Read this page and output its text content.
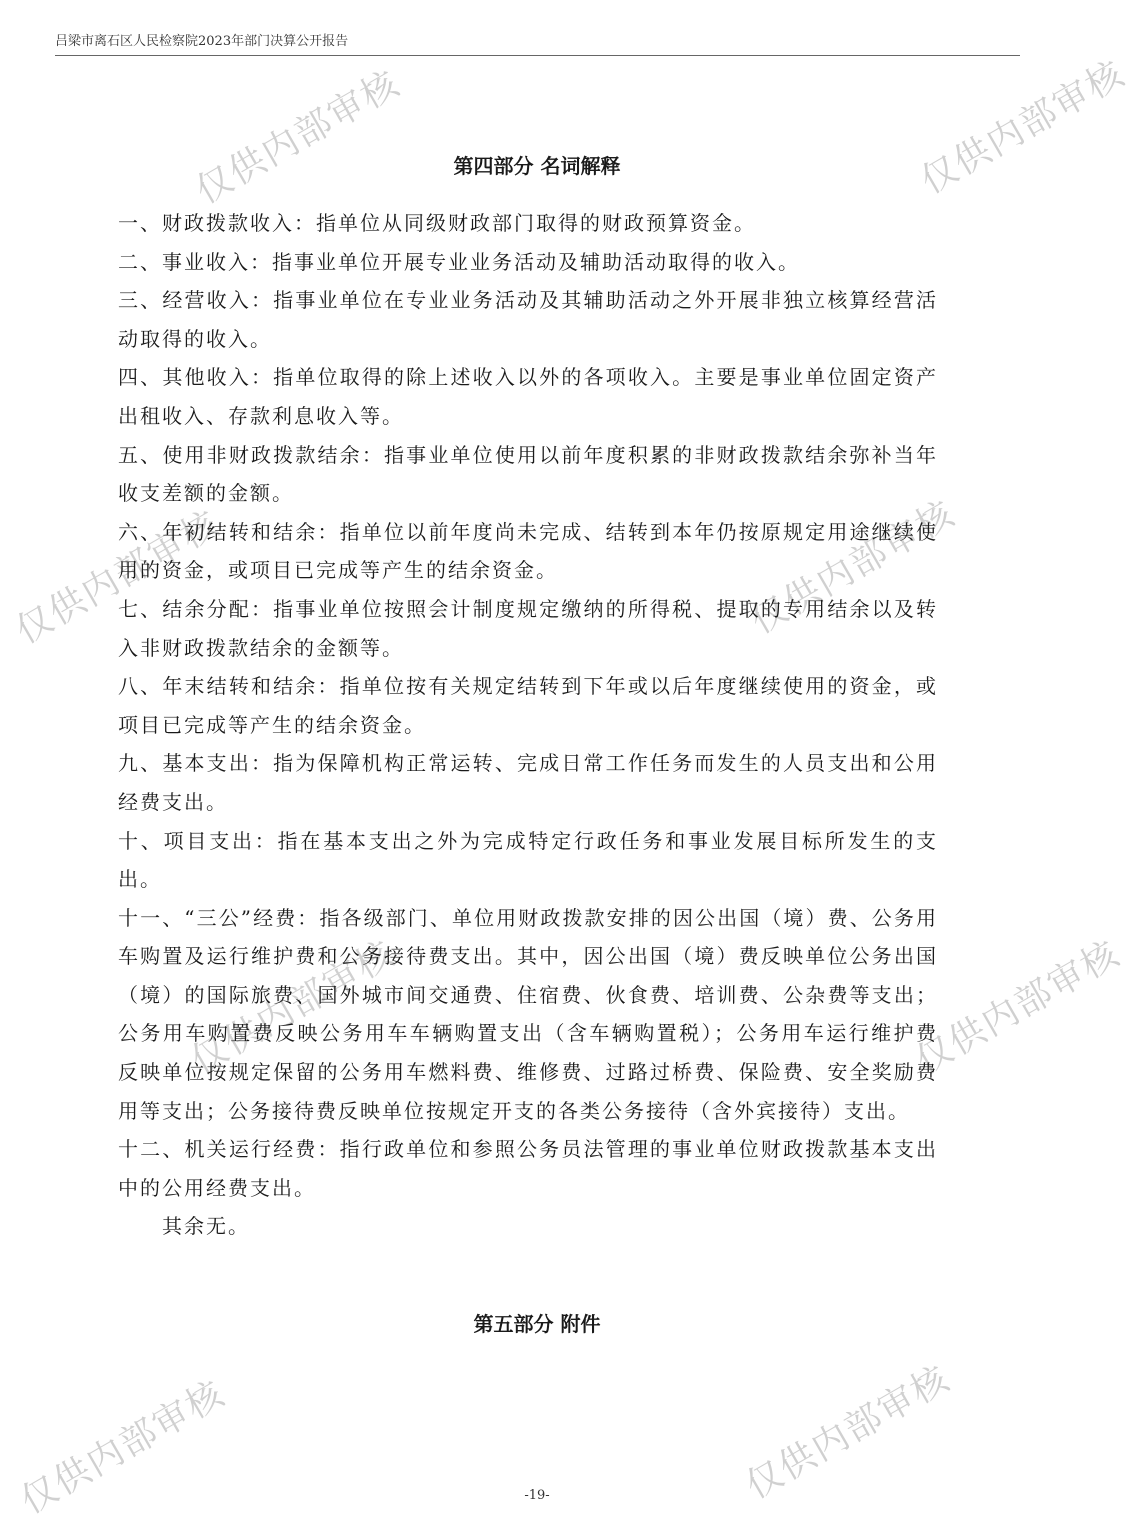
吕梁市离石区人民检察院2023年部门决算公开报告
仅供内部审核	仅供内部审核
仅供内部审核	仅供内部审核
仅供内部审核	仅供内部审核
仅供内部审核	仅供内部审核
第四部分 名词解释

一、财政拨款收入：指单位从同级财政部门取得的财政预算资金。

二、事业收入：指事业单位开展专业业务活动及辅助活动取得的收入。

三、经营收入：指事业单位在专业业务活动及其辅助活动之外开展非独立核算经营活动取得的收入。

四、其他收入：指单位取得的除上述收入以外的各项收入。主要是事业单位固定资产出租收入、存款利息收入等。

五、使用非财政拨款结余：指事业单位使用以前年度积累的非财政拨款结余弥补当年收支差额的金额。

六、年初结转和结余：指单位以前年度尚未完成、结转到本年仍按原规定用途继续使用的资金，或项目已完成等产生的结余资金。

七、结余分配：指事业单位按照会计制度规定缴纳的所得税、提取的专用结余以及转入非财政拨款结余的金额等。

八、年末结转和结余：指单位按有关规定结转到下年或以后年度继续使用的资金，或项目已完成等产生的结余资金。

九、基本支出：指为保障机构正常运转、完成日常工作任务而发生的人员支出和公用经费支出。

十、项目支出：指在基本支出之外为完成特定行政任务和事业发展目标所发生的支出。

十一、“三公”经费：指各级部门、单位用财政拨款安排的因公出国（境）费、公务用车购置及运行维护费和公务接待费支出。其中，因公出国（境）费反映单位公务出国（境）的国际旅费、国外城市间交通费、住宿费、伙食费、培训费、公杂费等支出；公务用车购置费反映公务用车车辆购置支出（含车辆购置税）；公务用车运行维护费反映单位按规定保留的公务用车燃料费、维修费、过路过桥费、保险费、安全奖励费用等支出；公务接待费反映单位按规定开支的各类公务接待（含外宾接待）支出。

十二、机关运行经费：指行政单位和参照公务员法管理的事业单位财政拨款基本支出中的公用经费支出。

其余无。

第五部分 附件
-19-
